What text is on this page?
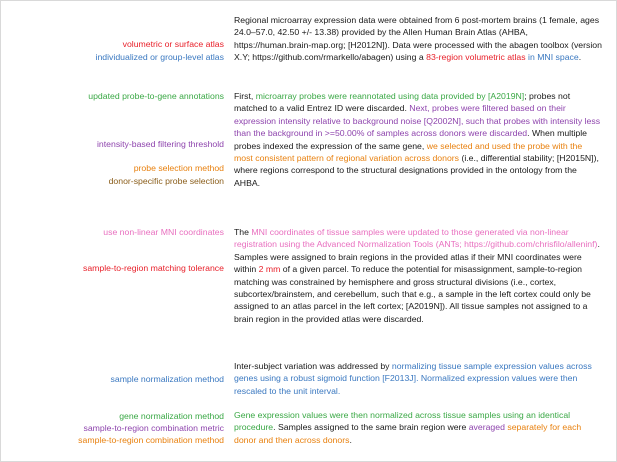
volumetric or surface atlas
individualized or group-level atlas
updated probe-to-gene annotations
intensity-based filtering threshold
probe selection method
donor-specific probe selection
use non-linear MNI coordinates
sample-to-region matching tolerance
sample normalization method
gene normalization method
sample-to-region combination metric
sample-to-region combination method
Regional microarray expression data were obtained from 6 post-mortem brains (1 female, ages 24.0–57.0, 42.50 +/- 13.38) provided by the Allen Human Brain Atlas (AHBA, https://human.brain-map.org; [H2012N]). Data were processed with the abagen toolbox (version X.Y; https://github.com/rmarkello/abagen) using a 83-region volumetric atlas in MNI space.
First, microarray probes were reannotated using data provided by [A2019N]; probes not matched to a valid Entrez ID were discarded. Next, probes were filtered based on their expression intensity relative to background noise [Q2002N], such that probes with intensity less than the background in >=50.00% of samples across donors were discarded. When multiple probes indexed the expression of the same gene, we selected and used the probe with the most consistent pattern of regional variation across donors (i.e., differential stability; [H2015N]), where regions correspond to the structural designations provided in the ontology from the AHBA.
The MNI coordinates of tissue samples were updated to those generated via non-linear registration using the Advanced Normalization Tools (ANTs; https://github.com/chrisfilo/alleninf). Samples were assigned to brain regions in the provided atlas if their MNI coordinates were within 2 mm of a given parcel. To reduce the potential for misassignment, sample-to-region matching was constrained by hemisphere and gross structural divisions (i.e., cortex, subcortex/brainstem, and cerebellum, such that e.g., a sample in the left cortex could only be assigned to an atlas parcel in the left cortex; [A2019N]). All tissue samples not assigned to a brain region in the provided atlas were discarded.
Inter-subject variation was addressed by normalizing tissue sample expression values across genes using a robust sigmoid function [F2013J]. Normalized expression values were then rescaled to the unit interval.
Gene expression values were then normalized across tissue samples using an identical procedure. Samples assigned to the same brain region were averaged separately for each donor and then across donors.
